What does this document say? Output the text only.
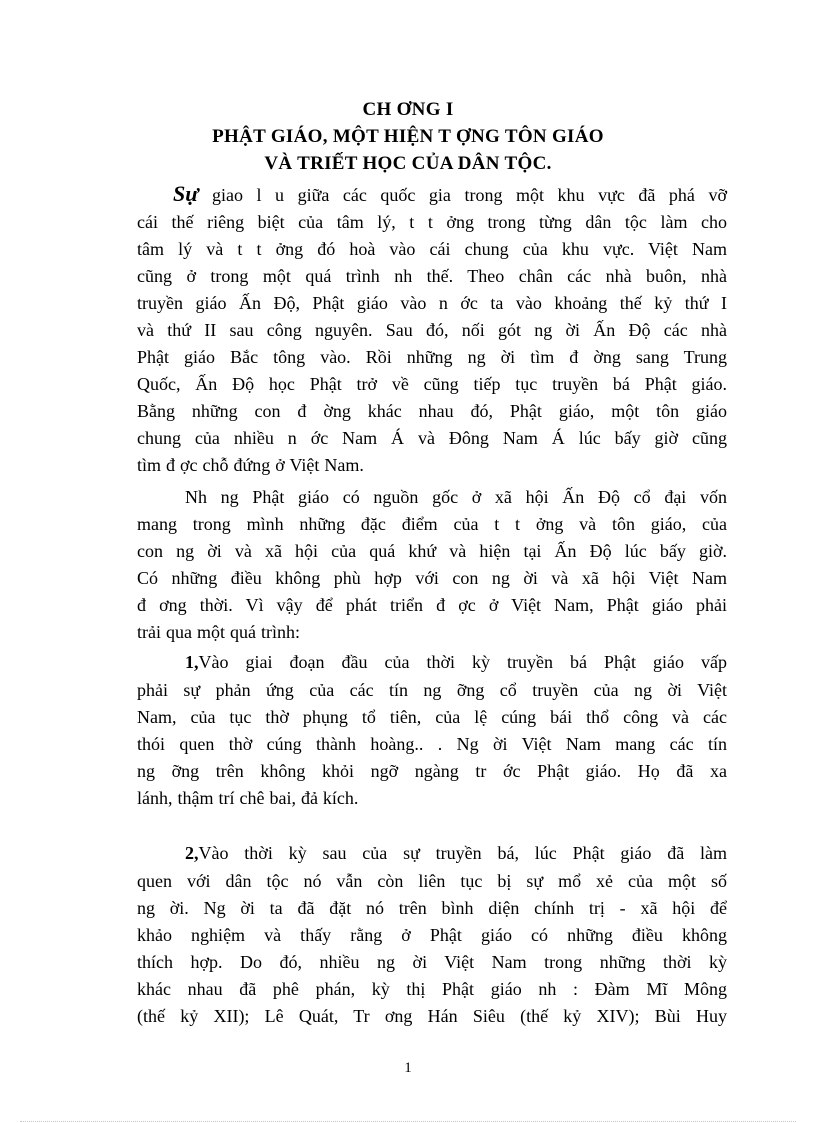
CH ƠNG I
PHẬT GIÁO, MỘT HIỆN T ỢNG TÔN GIÁO
VÀ TRIẾT HỌC CỦA DÂN TỘC.
Sự giao l u giữa các quốc gia trong một khu vực đã phá vỡ
cái thế riêng biệt của tâm lý, t t ởng trong từng dân tộc làm cho
tâm lý và t t ởng đó hoà vào cái chung của khu vực. Việt Nam
cũng ở trong một quá trình nh thế. Theo chân các nhà buôn, nhà
truyền giáo Ấn Độ, Phật giáo vào n ớc ta vào khoảng thế kỷ thứ I
và thứ II sau công nguyên. Sau đó, nối gót ng ời Ấn Độ các nhà
Phật giáo Bắc tông vào. Rồi những ng ời tìm đ ờng sang Trung
Quốc, Ấn Độ học Phật trở về cũng tiếp tục truyền bá Phật giáo.
Bằng những con đ ờng khác nhau đó, Phật giáo, một tôn giáo
chung của nhiều n ớc Nam Á và Đông Nam Á lúc bấy giờ cũng
tìm đ ợc chỗ đứng ở Việt Nam.
Nh ng Phật giáo có nguồn gốc ở xã hội Ấn Độ cổ đại vốn
mang trong mình những đặc điểm của t t ởng và tôn giáo, của
con ng ời và xã hội của quá khứ và hiện tại Ấn Độ lúc bấy giờ.
Có những điều không phù hợp với con ng ời và xã hội Việt Nam
đ ơng thời. Vì vậy để phát triển đ ợc ở Việt Nam, Phật giáo phải
trải qua một quá trình:
1,Vào giai đoạn đầu của thời kỳ truyền bá Phật giáo vấp
phải sự phản ứng của các tín ng ỡng cổ truyền của ng ời Việt
Nam, của tục thờ phụng tổ tiên, của lệ cúng bái thổ công và các
thói quen thờ cúng thành hoàng.. . Ng ời Việt Nam mang các tín
ng ỡng trên không khỏi ngỡ ngàng tr ớc Phật giáo. Họ đã xa
lánh, thậm trí chê bai, đả kích.
2,Vào thời kỳ sau của sự truyền bá, lúc Phật giáo đã làm
quen với dân tộc nó vẫn còn liên tục bị sự mổ xẻ của một số
ng ời. Ng ời ta đã đặt nó trên bình diện chính trị - xã hội để
khảo nghiệm và thấy rằng ở Phật giáo có những điều không
thích hợp. Do đó, nhiều ng ời Việt Nam trong những thời kỳ
khác nhau đã phê phán, kỳ thị Phật giáo nh : Đàm Mĩ Mông
(thế kỷ XII); Lê Quát, Tr ơng Hán Siêu (thế kỷ XIV); Bùi Huy
1
